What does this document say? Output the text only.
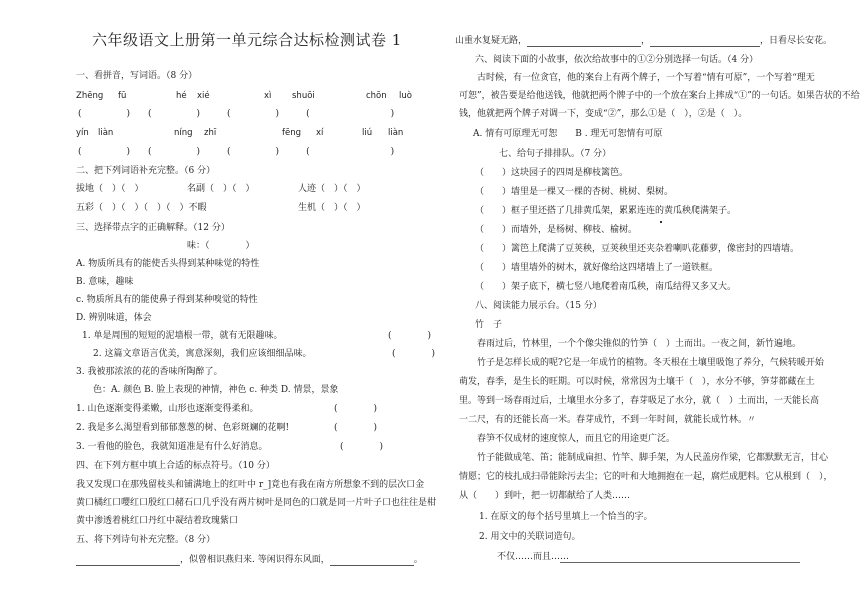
六年级语文上册第一单元综合达标检测试卷 1
一、看拼音，写词语。（8 分）
Zhēng fū	hé xié	xì shuōi	chōn luò
(　　　　　)　　(　　　　　)　　　(　　　　　)　　　(　　　　　　　　　)
yín liàn	níng zhī	fēng xí	liú liàn
(　　　　　)　　(　　　　　)　　　(　　　　　)　　　(　　　　　　　　　)
二、把下列词语补充完整。（6 分）
拔地（　）（　）	名副（　）（　）	人迹（　）（　）
五彩（　）（　）（　）（　）不暇	生机（　）（　）
三、选择带点字的正确解释。（12 分）
味：（　　　　）
A. 物质所具有的能使舌头得到某种味觉的特性
B. 意味，趣味
c. 物质所具有的能使鼻子得到某种嗅觉的特性
D. 辨别味道，体会
1. 单是周围的短短的泥墙根一带，就有无限趣味。	(　　　　)
2. 这篇文章语言优美，寓意深刻，我们应该细细品味。	(　　　　)
3. 我被那浓浓的花的香味所陶醉了。
色：A. 颜色 B. 脸上表现的神情，神色 c. 种类 D. 情景，景象
1. 山色逐渐变得柔嫩，山形也逐渐变得柔和。	(　　　　)
2. 我是多么渴望看到郁郁葱葱的树、色彩斑斓的花啊!	(　　　　)
3. 一看他的脸色，我就知道准是有什么好消息。	(　　　　)
四、在下列方框中填上合适的标点符号。（10 分）
我又发现口在那残留枝头和铺满地上的红叶中 r_]竟也有我在南方所想象不到的层次口金
黄口橘红口嘤红口殷红口赭石口几乎没有两片树叶是同色的口就是同一片叶子口也往往是柑
黄中渗透着桃红口丹红中凝结着玫瑰紫口
五、将下列诗句补充完整。（8 分）
，似曾相识燕归来. 等闲识得东风面，	。
山重水复疑无路，	，	，日看尽长安花。
六、阅读下面的小故事，依次给故事中的①②分别选择一句话。（4 分）
古时候，有一位贪官，他的案台上有两个牌子，一个写着“情有可原”，一个写着“理无
可恕”，被告要是给他送钱，他就把两个牌子中的一个放在案台上摔成“①”的一句话。如果告状的不给
钱，他就把两个牌子对调一下，变成“②”，那么①是（　），②是（　）。
A. 情有可原理无可恕　　B . 理无可恕情有可原
七、给句子排排队。（7 分）
（　　）这块园子的四周是柳枝篱笆。
（　　）墙里是一棵又一棵的杏树、桃树、梨树。
（　　）框子里还搭了几排黄瓜架，累累连连的黄瓜秧爬满架子。
（　　）而墙外，是杨树、柳枝、榆树。
（　　）篱笆上爬满了豆荚秧，豆荚秧里还夹杂着喇叭花藤萝，像密封的四墙墙。
（　　）墙里墙外的树木，就好像给这四堵墙上了一道铁框。
（　　）架子底下，横七竖八地爬着南瓜秧，南瓜结得又多又大。
八、阅读能力展示台。（15 分）
竹　子
春雨过后，竹林里，一个个像尖锥似的竹笋（　）土而出。一夜之间，新竹遍地。
竹子是怎样长成的呢?它是一年成竹的植物。冬天根在土壤里吸饱了养分，气候转暖开始
萌发，春季，是生长的旺期。可以时候，常常因为土壤干（　），水分不够，笋芽都藏在土
里。等到一场春雨过后，土壤里水分多了，春芽吸足了水分，就（　）土而出，一天能长高
一二尺，有的还能长高一米。春芽成竹，不到一年时间，就能长成竹林。〃
春笋不仅成材的速度惊人，而且它的用途更广泛。
竹子能做成笔、笛；能制成扁担、竹竿、脚手架，为人民盖房作梁，它都默默无言，甘心
情愿；它的枝扎成扫帚能除污去尘；它的叶和大地拥抱在一起，腐烂成肥料。它从根到（　），
从（　　）到叶，把一切都献给了人类……
1. 在原文的每个括号里填上一个恰当的字。
2. 用文中的关联词造句。
不仅……而且……
